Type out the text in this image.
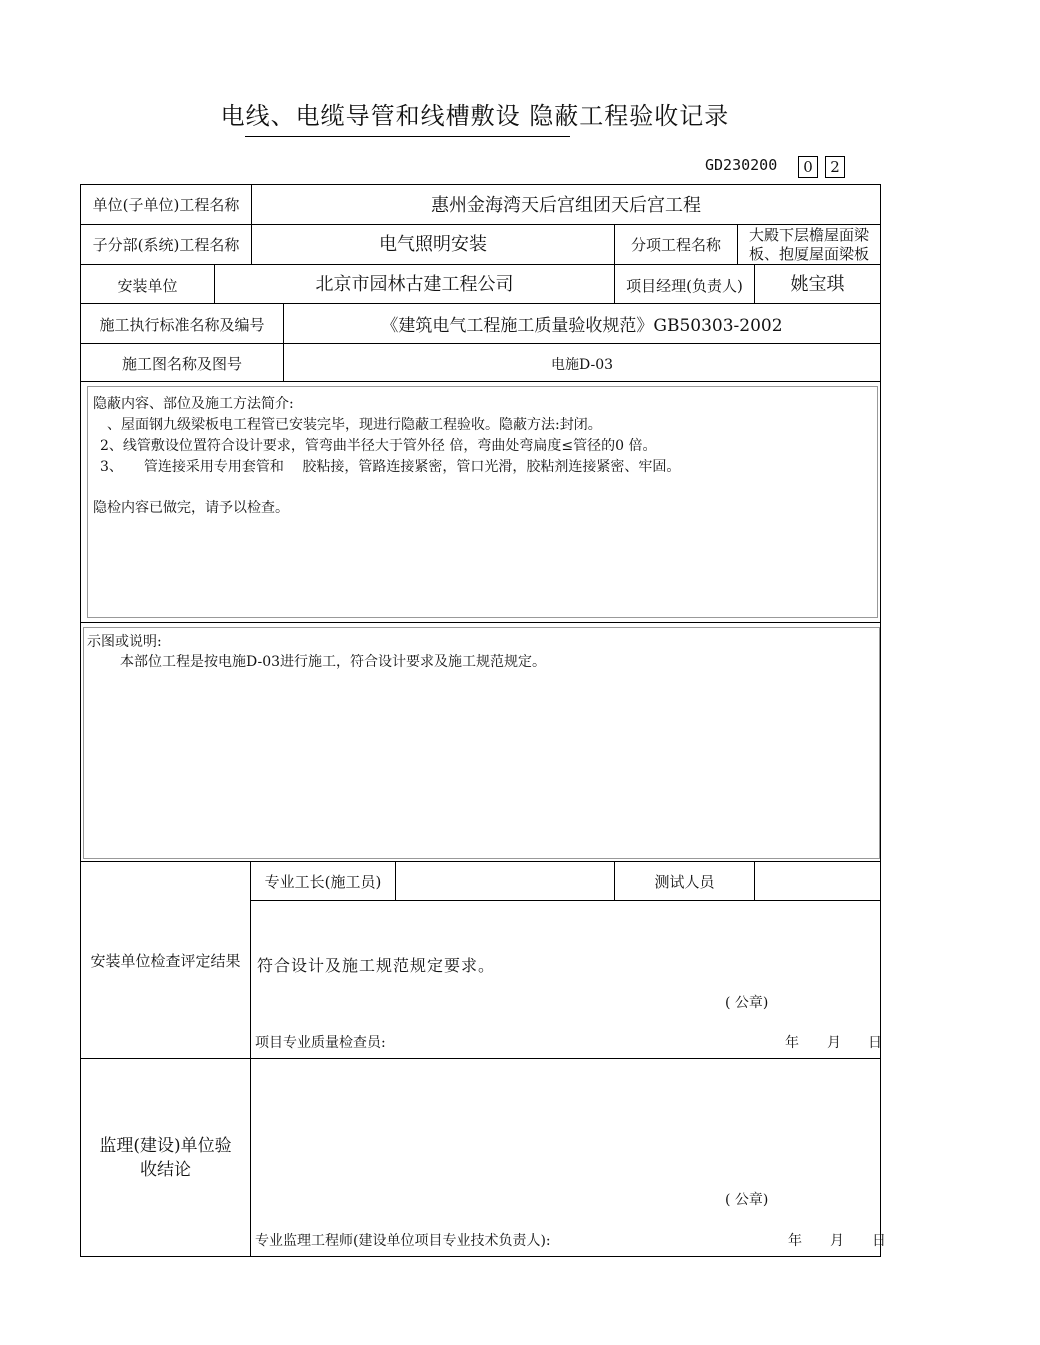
电线、电缆导管和线槽敷设 隐蔽工程验收记录
GD230200	0	2
单位(子单位)工程名称	惠州金海湾天后宫组团天后宫工程
子分部(系统)工程名称	电气照明安装	分项工程名称
大殿下层檐屋面梁
板、抱厦屋面梁板
安装单位	北京市园林古建工程公司	项目经理(负责人)	姚宝琪
施工执行标准名称及编号	《建筑电气工程施工质量验收规范》GB50303-2002
施工图名称及图号	电施D-03
隐蔽内容、部位及施工方法简介:
、屋面钢九级梁板电工程管已安装完毕，现进行隐蔽工程验收。隐蔽方法:封闭。
2、线管敷设位置符合设计要求，管弯曲半径大于管外径 倍，弯曲处弯扁度≤管径的0 倍。
3、　　管连接采用专用套管和　 胶粘接，管路连接紧密，管口光滑，胶粘剂连接紧密、牢固。
隐检内容已做完，请予以检查。
示图或说明:
本部位工程是按电施D-03进行施工，符合设计要求及施工规范规定。
安装单位检查评定结果
专业工长(施工员)	测试人员
符合设计及施工规范规定要求。
( 公章)
项目专业质量检查员:	年 月 日
监理(建设)单位验
收结论
( 公章)
专业监理工程师(建设单位项目专业技术负责人):	年 月 日
